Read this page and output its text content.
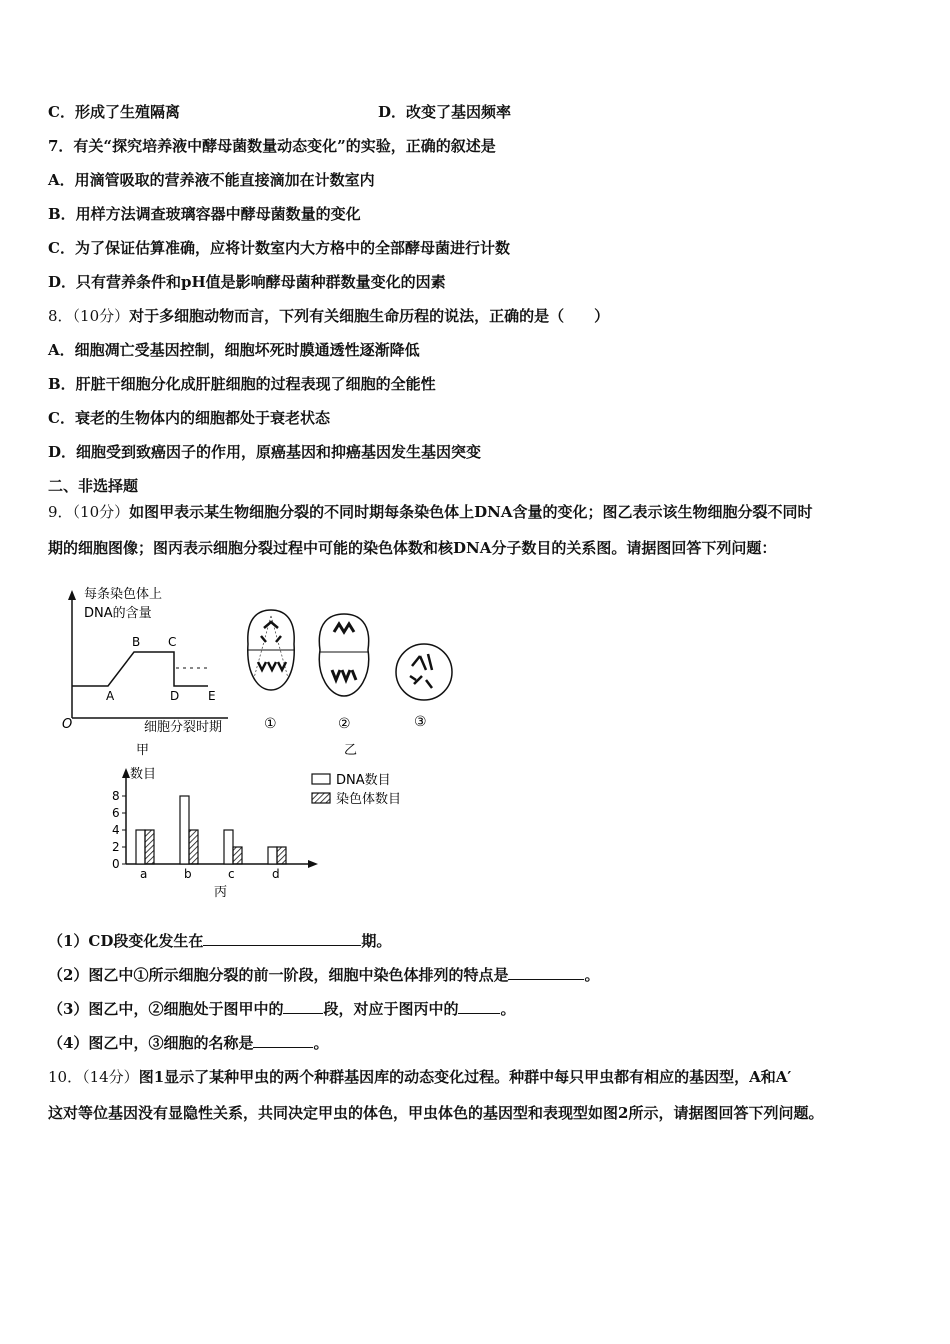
C．形成了生殖隔离	D．改变了基因频率
7．有关“探究培养液中酵母菌数量动态变化”的实验，正确的叙述是
A．用滴管吸取的营养液不能直接滴加在计数室内
B．用样方法调查玻璃容器中酵母菌数量的变化
C．为了保证估算准确，应将计数室内大方格中的全部酵母菌进行计数
D．只有营养条件和pH值是影响酵母菌种群数量变化的因素
8．（10分）对于多细胞动物而言，下列有关细胞生命历程的说法，正确的是（　　）
A．细胞凋亡受基因控制，细胞坏死时膜通透性逐渐降低
B．肝脏干细胞分化成肝脏细胞的过程表现了细胞的全能性
C．衰老的生物体内的细胞都处于衰老状态
D．细胞受到致癌因子的作用，原癌基因和抑癌基因发生基因突变
二、非选择题
9．（10分）如图甲表示某生物细胞分裂的不同时期每条染色体上DNA含量的变化；图乙表示该生物细胞分裂不同时
期的细胞图像；图丙表示细胞分裂过程中可能的染色体数和核DNA分子数目的关系图。请据图回答下列问题：
每条染色体上
DNA的含量
A
B C
D E
O	细胞分裂时期
甲
①	②
乙
数目
0
2
4
6
8
a	b	c	d
DNA数目
染色体数目
丙
③
（1）CD段变化发生在	期。
（2）图乙中①所示细胞分裂的前一阶段，细胞中染色体排列的特点是	。
（3）图乙中，②细胞处于图甲中的	段，对应于图丙中的	。
（4）图乙中，③细胞的名称是	。
10．（14分）图1显示了某种甲虫的两个种群基因库的动态变化过程。种群中每只甲虫都有相应的基因型，A和A′
这对等位基因没有显隐性关系，共同决定甲虫的体色，甲虫体色的基因型和表现型如图2所示，请据图回答下列问题。
